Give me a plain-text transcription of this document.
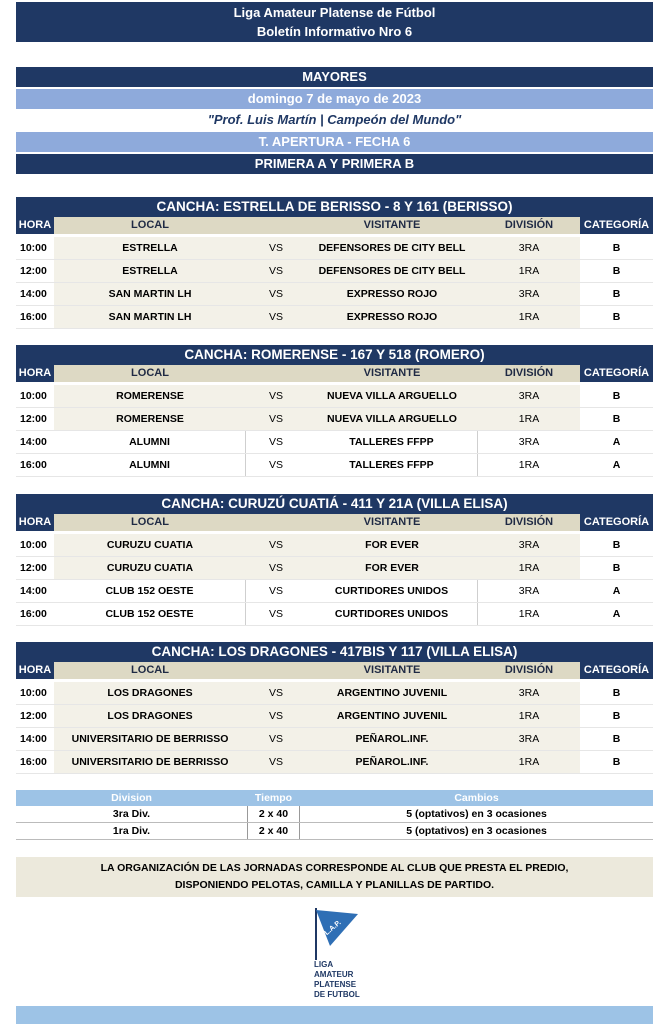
Liga Amateur Platense de Fútbol
Boletín Informativo Nro 6
MAYORES
domingo 7 de mayo de 2023
"Prof. Luis Martín | Campeón del Mundo"
T. APERTURA - FECHA 6
PRIMERA A Y PRIMERA B
CANCHA: ESTRELLA DE BERISSO - 8 Y 161 (BERISSO)
HORA	LOCAL	VISITANTE	DIVISIÓN	CATEGORÍA
10:00	ESTRELLA	VS	DEFENSORES DE CITY BELL	3RA	B
12:00	ESTRELLA	VS	DEFENSORES DE CITY BELL	1RA	B
14:00	SAN MARTIN LH	VS	EXPRESSO ROJO	3RA	B
16:00	SAN MARTIN LH	VS	EXPRESSO ROJO	1RA	B
CANCHA: ROMERENSE - 167 Y 518 (ROMERO)
HORA	LOCAL	VISITANTE	DIVISIÓN	CATEGORÍA
10:00	ROMERENSE	VS	NUEVA VILLA ARGUELLO	3RA	B
12:00	ROMERENSE	VS	NUEVA VILLA ARGUELLO	1RA	B
14:00	ALUMNI	VS	TALLERES FFPP	3RA	A
16:00	ALUMNI	VS	TALLERES FFPP	1RA	A
CANCHA: CURUZÚ CUATIÁ - 411 Y 21A (VILLA ELISA)
HORA	LOCAL	VISITANTE	DIVISIÓN	CATEGORÍA
10:00	CURUZU CUATIA	VS	FOR EVER	3RA	B
12:00	CURUZU CUATIA	VS	FOR EVER	1RA	B
14:00	CLUB 152 OESTE	VS	CURTIDORES UNIDOS	3RA	A
16:00	CLUB 152 OESTE	VS	CURTIDORES UNIDOS	1RA	A
CANCHA: LOS DRAGONES - 417BIS Y 117 (VILLA ELISA)
HORA	LOCAL	VISITANTE	DIVISIÓN	CATEGORÍA
10:00	LOS DRAGONES	VS	ARGENTINO JUVENIL	3RA	B
12:00	LOS DRAGONES	VS	ARGENTINO JUVENIL	1RA	B
14:00	UNIVERSITARIO DE BERRISSO	VS	PEÑAROL.INF.	3RA	B
16:00	UNIVERSITARIO DE BERRISSO	VS	PEÑAROL.INF.	1RA	B
Division	Tiempo	Cambios
3ra Div.	2 x 40	5 (optativos) en 3 ocasiones
1ra Div.	2 x 40	5 (optativos) en 3 ocasiones
LA ORGANIZACIÓN DE LAS JORNADAS CORRESPONDE AL CLUB QUE PRESTA EL PREDIO,
DISPONIENDO PELOTAS, CAMILLA Y PLANILLAS DE PARTIDO.
L.A.P.
LIGA
AMATEUR
PLATENSE
DE FUTBOL
